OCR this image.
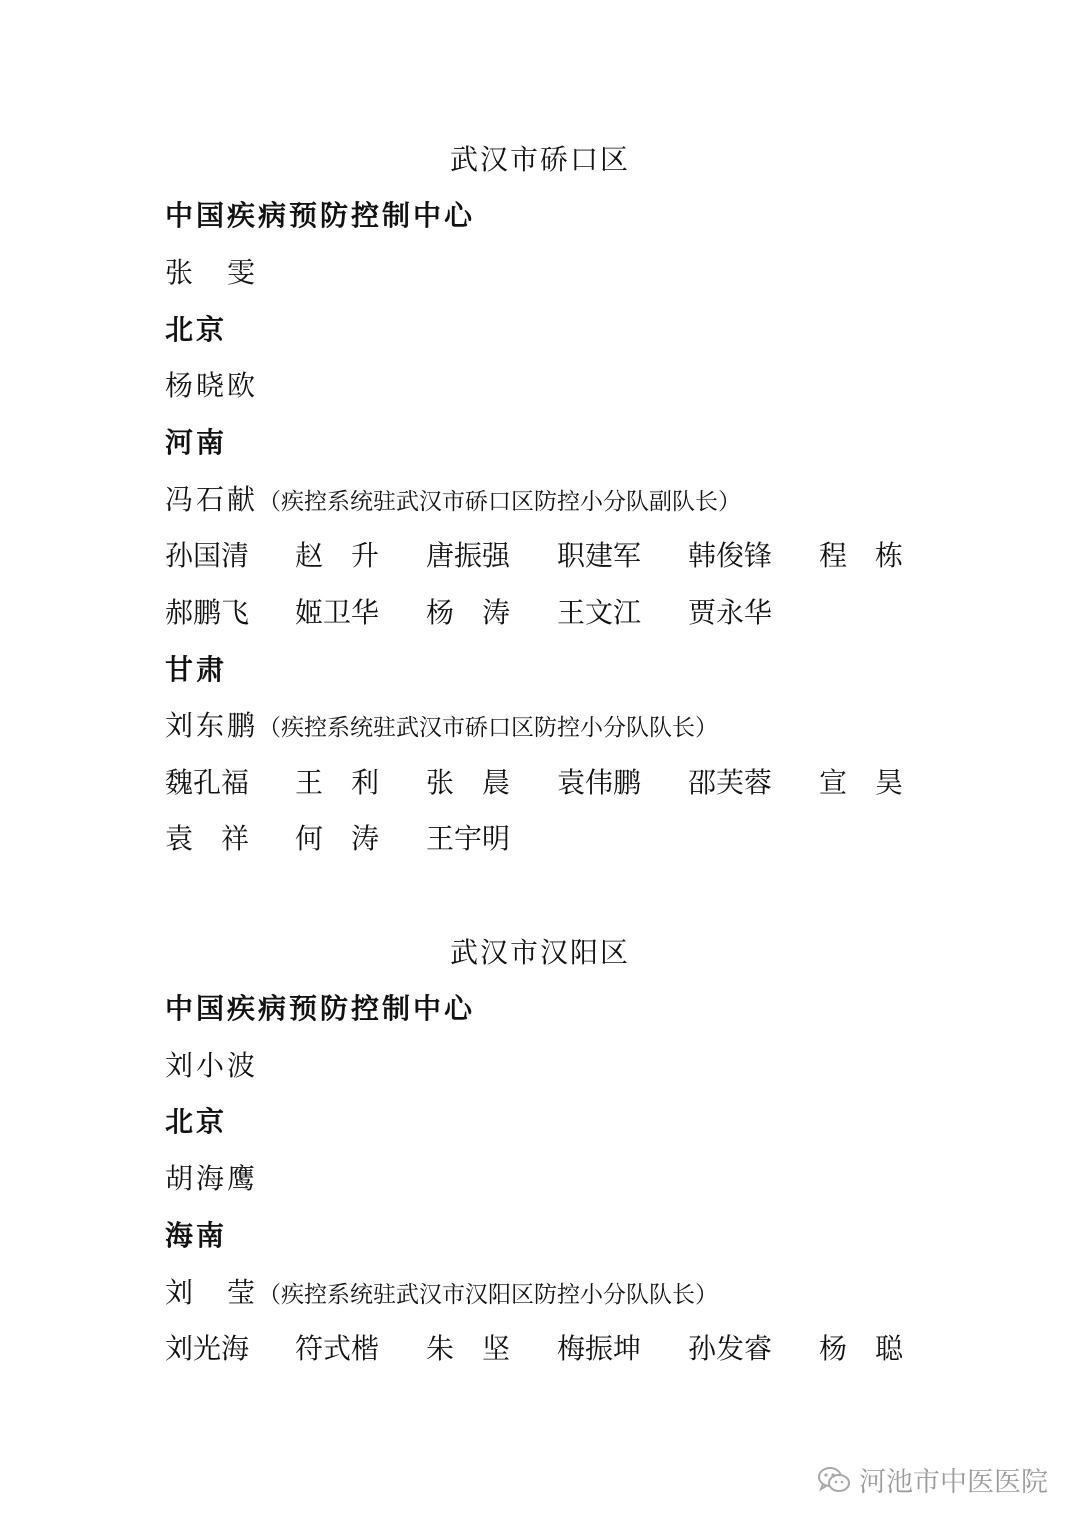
武汉市硚口区
中国疾病预防控制中心
张　雯
北京
杨晓欧
河南
冯石献（疾控系统驻武汉市硚口区防控小分队副队长）
孙国清 赵　升 唐振强 职建军 韩俊锋 程　栋
郝鹏飞 姬卫华 杨　涛 王文江 贾永华
甘肃
刘东鹏（疾控系统驻武汉市硚口区防控小分队队长）
魏孔福 王　利 张　晨 袁伟鹏 邵芙蓉 宣　昊
袁　祥 何　涛 王宇明
武汉市汉阳区
中国疾病预防控制中心
刘小波
北京
胡海鹰
海南
刘　莹（疾控系统驻武汉市汉阳区防控小分队队长）
刘光海 符式楷 朱　坚 梅振坤 孙发睿 杨　聪
河池市中医医院
